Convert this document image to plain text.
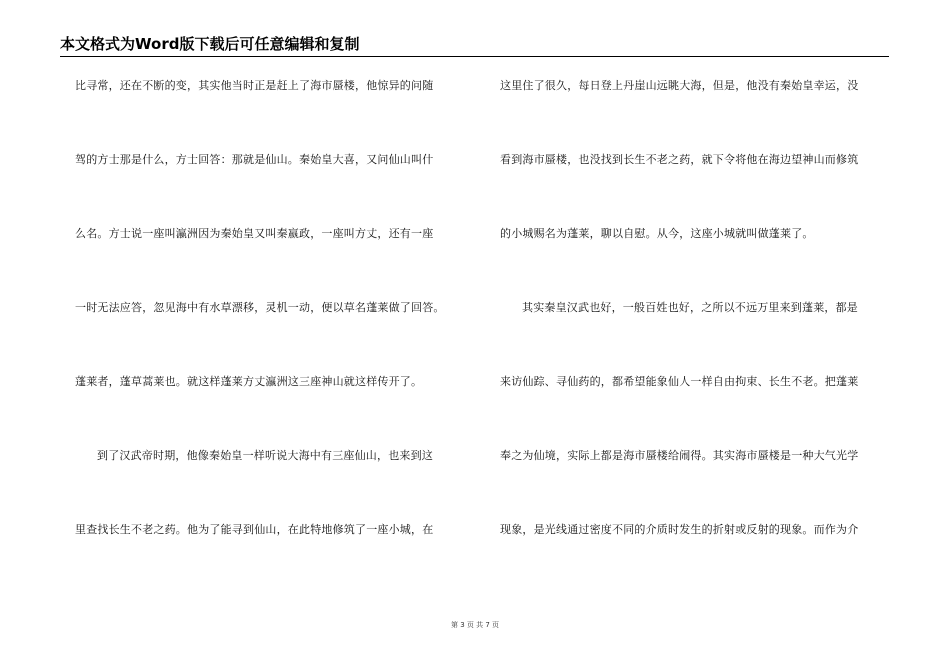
本文格式为Word版下载后可任意编辑和复制
比寻常，还在不断的变，其实他当时正是赶上了海市蜃楼，他惊异的问随
驾的方士那是什么，方士回答：那就是仙山。秦始皇大喜，又问仙山叫什
么名。方士说一座叫瀛洲因为秦始皇又叫秦嬴政，一座叫方丈，还有一座
一时无法应答，忽见海中有水草漂移，灵机一动，便以草名蓬莱做了回答。
蓬莱者，蓬草蒿莱也。就这样蓬莱方丈瀛洲这三座神山就这样传开了。
到了汉武帝时期，他像秦始皇一样听说大海中有三座仙山，也来到这
里查找长生不老之药。他为了能寻到仙山，在此特地修筑了一座小城，在
这里住了很久，每日登上丹崖山远眺大海，但是，他没有秦始皇幸运，没
看到海市蜃楼，也没找到长生不老之药，就下令将他在海边望神山而修筑
的小城赐名为蓬莱，聊以自慰。从今，这座小城就叫做蓬莱了。
其实秦皇汉武也好，一般百姓也好，之所以不远万里来到蓬莱，都是
来访仙踪、寻仙药的，都希望能象仙人一样自由拘束、长生不老。把蓬莱
奉之为仙境，实际上都是海市蜃楼给闹得。其实海市蜃楼是一种大气光学
现象，是光线通过密度不同的介质时发生的折射或反射的现象。而作为介
第 3 页 共 7 页
